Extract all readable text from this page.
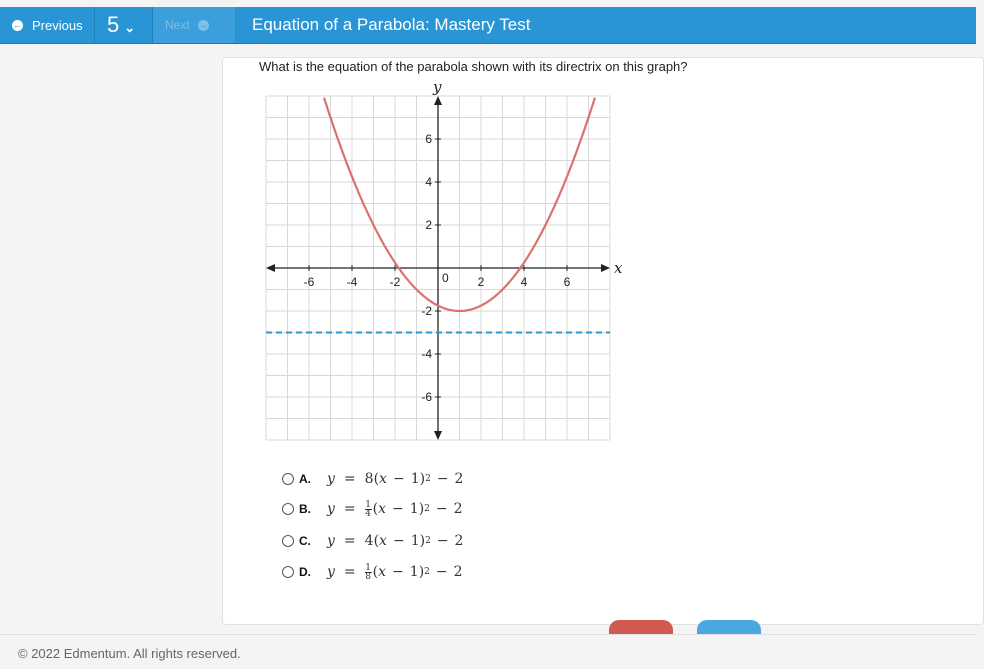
← Previous 5 ⌄ Next →	Equation of a Parabola: Mastery Test
What is the equation of the parabola shown with its directrix on this graph?
x
y
-6	-4	-2	2	4	6
6
4
2
-2
-4
-6
0
A.	y = 8 ( x − 1 ) 2 − 2
B.	$y = \frac{1}{4}$ ( x − 1 ) 2 − 2
C.	y = 4 ( x − 1 ) 2 − 2
D.	$y = \frac{1}{8}$ ( x − 1 ) 2 − 2
© 2022 Edmentum. All rights reserved.
